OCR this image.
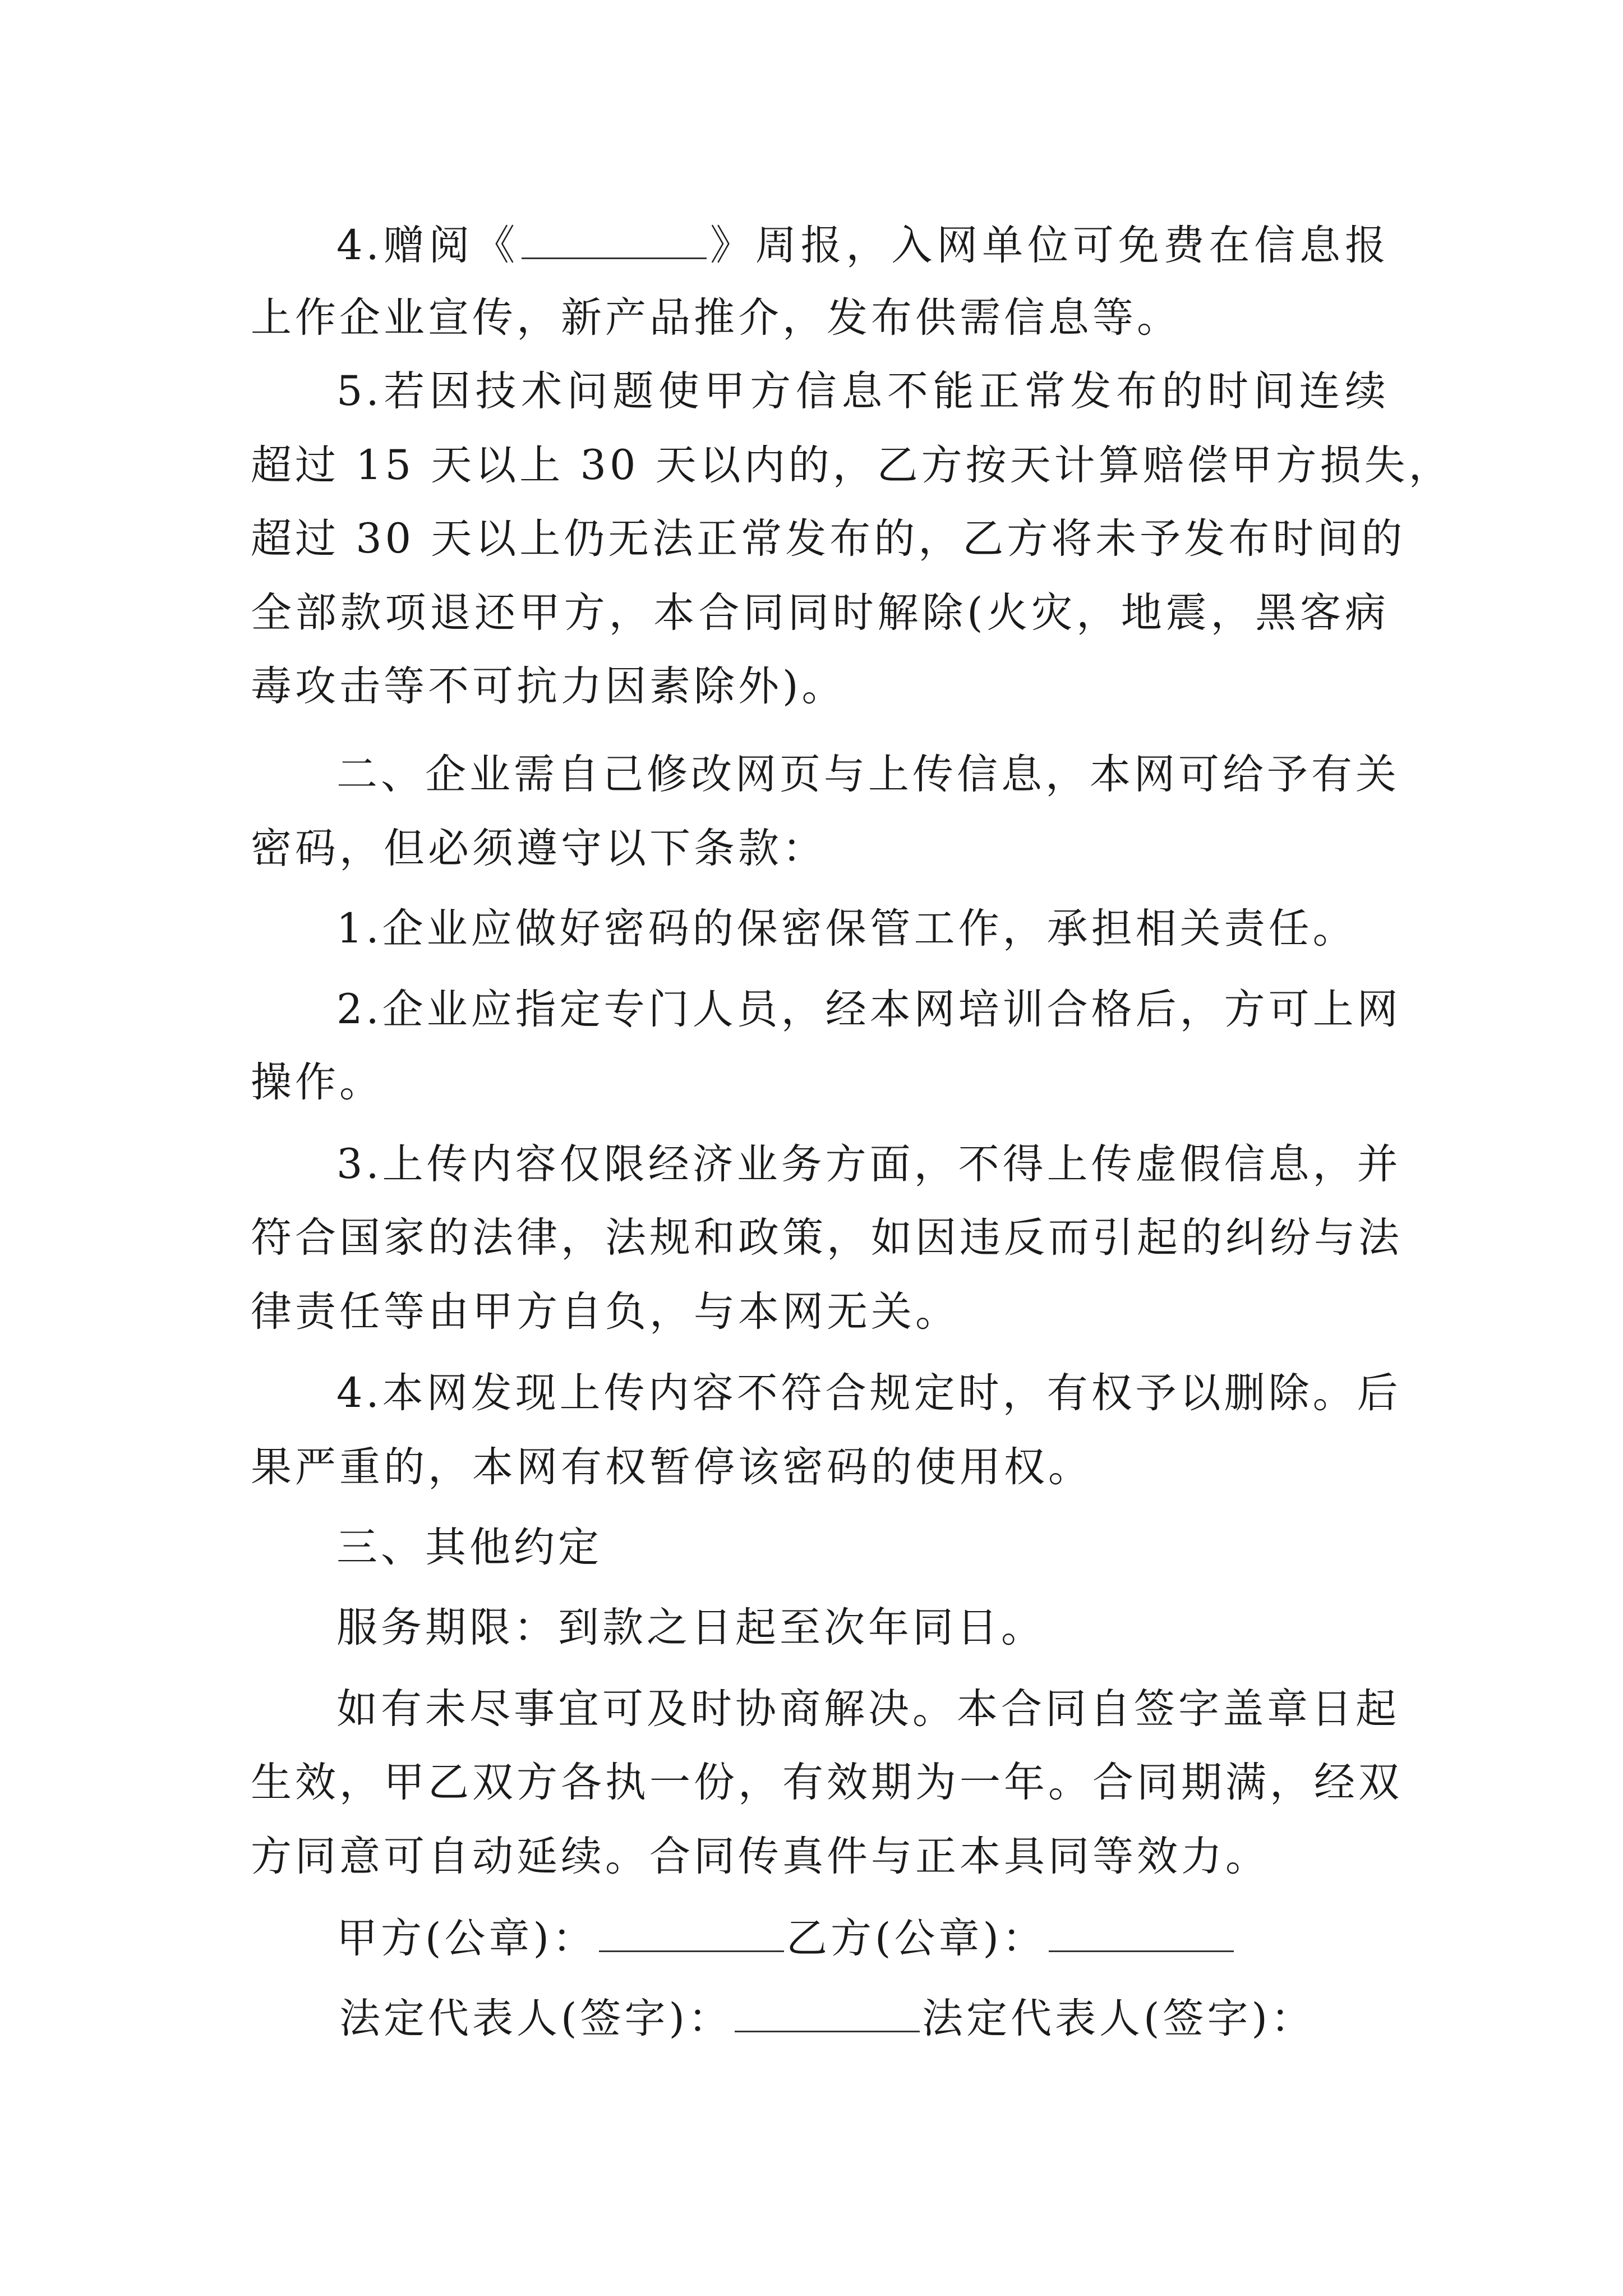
4.赠阅《	》周报，入网单位可免费在信息报
上作企业宣传，新产品推介，发布供需信息等。
5.若因技术问题使甲方信息不能正常发布的时间连续
超过 15 天以上 30 天以内的，乙方按天计算赔偿甲方损失，
超过 30 天以上仍无法正常发布的，乙方将未予发布时间的
全部款项退还甲方，本合同同时解除(火灾，地震，黑客病
毒攻击等不可抗力因素除外)。
二、企业需自己修改网页与上传信息，本网可给予有关
密码，但必须遵守以下条款：
1.企业应做好密码的保密保管工作，承担相关责任。
2.企业应指定专门人员，经本网培训合格后，方可上网
操作。
3.上传内容仅限经济业务方面，不得上传虚假信息，并
符合国家的法律，法规和政策，如因违反而引起的纠纷与法
律责任等由甲方自负，与本网无关。
4.本网发现上传内容不符合规定时，有权予以删除。后
果严重的，本网有权暂停该密码的使用权。
三、其他约定
服务期限：到款之日起至次年同日。
如有未尽事宜可及时协商解决。本合同自签字盖章日起
生效，甲乙双方各执一份，有效期为一年。合同期满，经双
方同意可自动延续。合同传真件与正本具同等效力。
甲方(公章)：	乙方(公章)：
法定代表人(签字)：	法定代表人(签字)：
